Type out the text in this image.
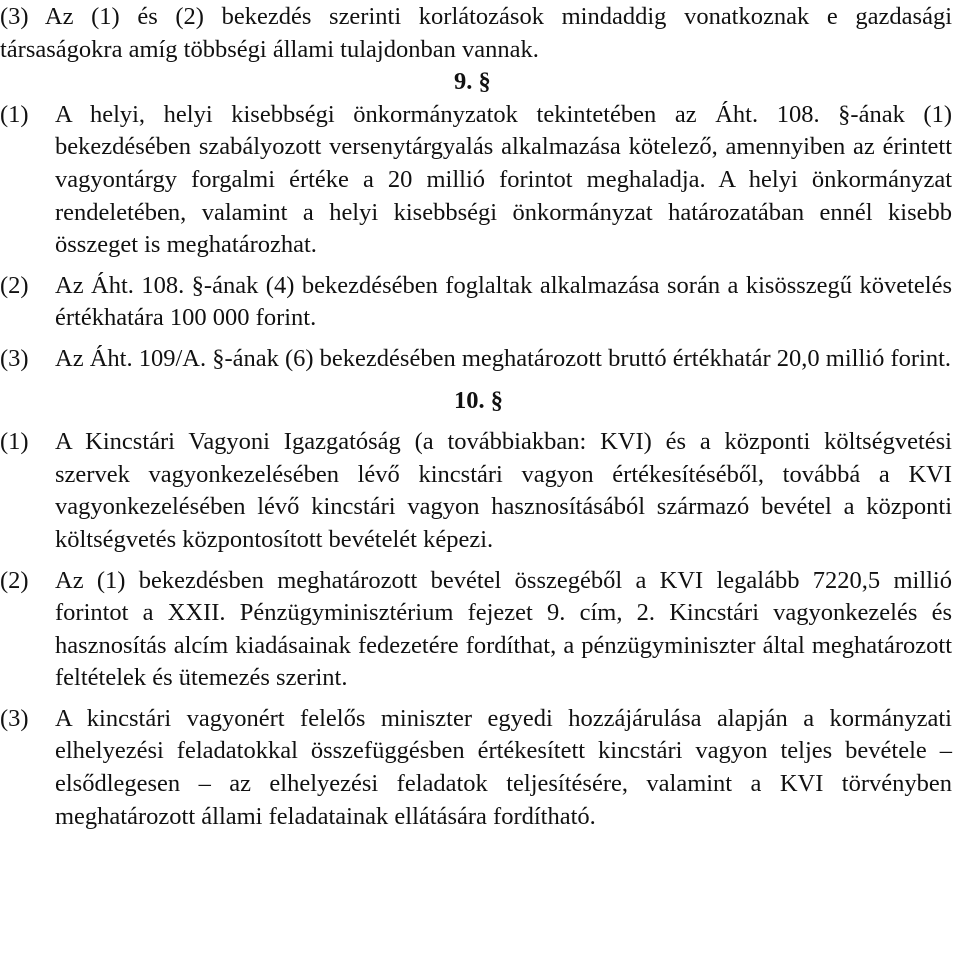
(3) Az (1) és (2) bekezdés szerinti korlátozások mindaddig vonatkoznak e gazdasági társaságokra amíg többségi állami tulajdonban vannak.
9. §
(1) A helyi, helyi kisebbségi önkormányzatok tekintetében az Áht. 108. §-ának (1) bekezdésében szabályozott versenytárgyalás alkalmazása kötelező, amennyiben az érintett vagyontárgy forgalmi értéke a 20 millió forintot meghaladja. A helyi önkormányzat rendeletében, valamint a helyi kisebbségi önkormányzat határozatában ennél kisebb összeget is meghatározhat.
(2) Az Áht. 108. §-ának (4) bekezdésében foglaltak alkalmazása során a kisösszegű követelés értékhatára 100 000 forint.
(3) Az Áht. 109/A. §-ának (6) bekezdésében meghatározott bruttó értékhatár 20,0 millió forint.
10. §
(1) A Kincstári Vagyoni Igazgatóság (a továbbiakban: KVI) és a központi költségvetési szervek vagyonkezelésében lévő kincstári vagyon értékesítéséből, továbbá a KVI vagyonkezelésében lévő kincstári vagyon hasznosításából származó bevétel a központi költségvetés központosított bevételét képezi.
(2) Az (1) bekezdésben meghatározott bevétel összegéből a KVI legalább 7220,5 millió forintot a XXII. Pénzügyminisztérium fejezet 9. cím, 2. Kincstári vagyonkezelés és hasznosítás alcím kiadásainak fedezetére fordíthat, a pénzügyminiszter által meghatározott feltételek és ütemezés szerint.
(3) A kincstári vagyonért felelős miniszter egyedi hozzájárulása alapján a kormányzati elhelyezési feladatokkal összefüggésben értékesített kincstári vagyon teljes bevétele – elsődlegesen – az elhelyezési feladatok teljesítésére, valamint a KVI törvényben meghatározott állami feladatainak ellátására fordítható.
